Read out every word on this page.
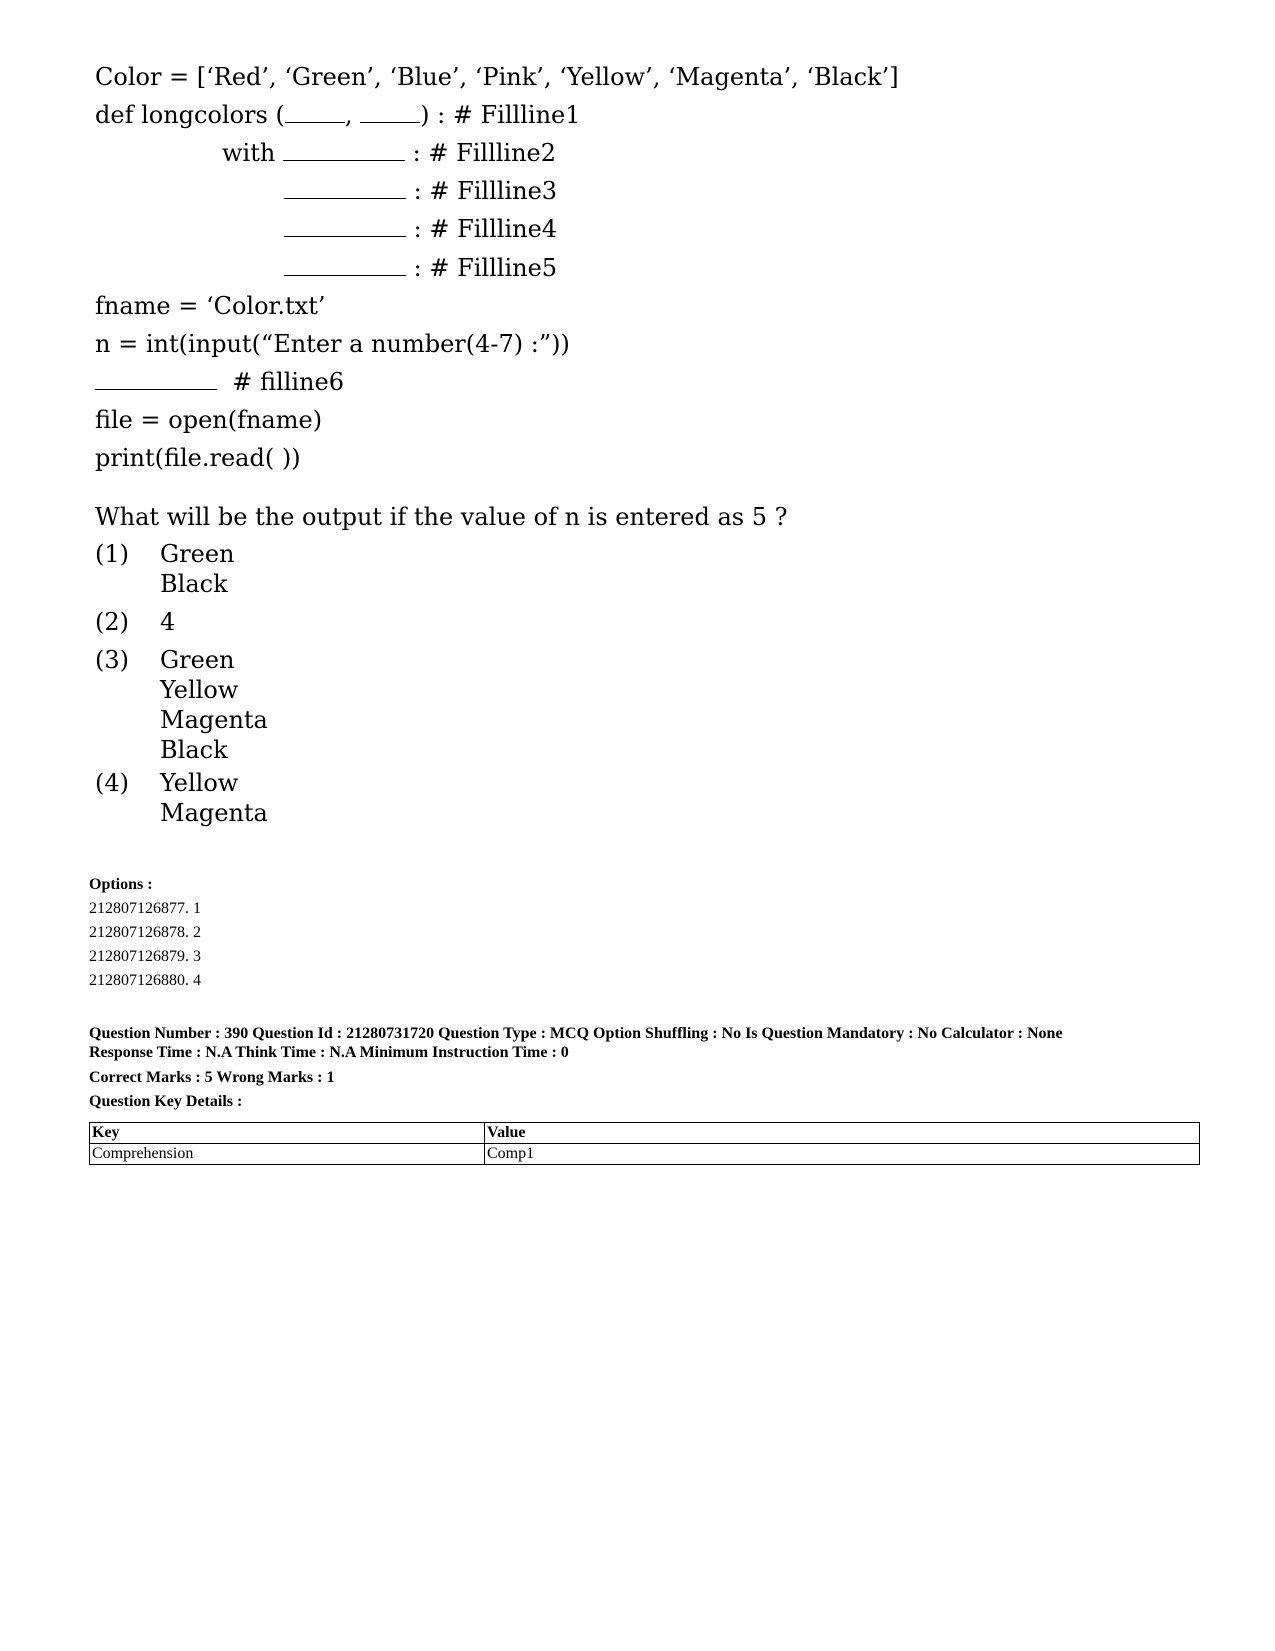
Color = [‘Red’, ‘Green’, ‘Blue’, ‘Pink’, ‘Yellow’, ‘Magenta’, ‘Black’]
def longcolors (	,	) : # Fillline1
with	: # Fillline2
: # Fillline3
: # Fillline4
: # Fillline5
fname = ‘Color.txt’
n = int(input(“Enter a number(4-7) :”))
# filline6
file = open(fname)
print(file.read( ))
What will be the output if the value of n is entered as 5 ?
(1) Green
Black
(2) 4
(3) Green
Yellow
Magenta
Black
(4) Yellow
Magenta
Options :
212807126877. 1
212807126878. 2
212807126879. 3
212807126880. 4
Question Number : 390 Question Id : 21280731720 Question Type : MCQ Option Shuffling : No Is Question Mandatory : No Calculator : None
Response Time : N.A Think Time : N.A Minimum Instruction Time : 0
Correct Marks : 5 Wrong Marks : 1
Question Key Details :
Key	Value
Comprehension	Comp1
